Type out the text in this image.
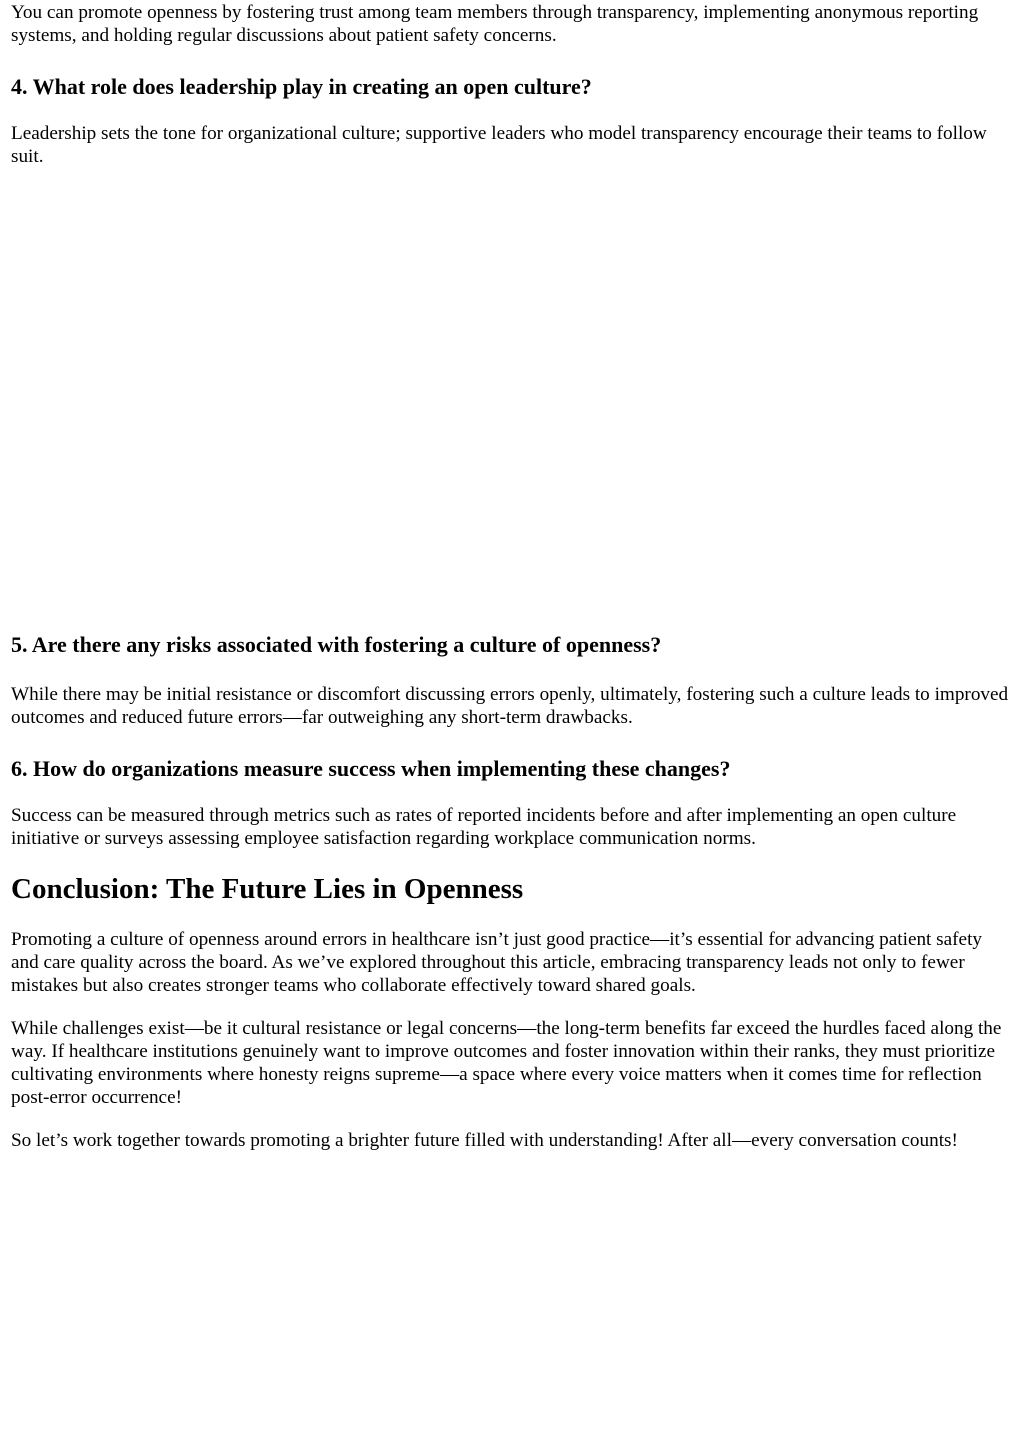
You can promote openness by fostering trust among team members through transparency, implementing anonymous reporting systems, and holding regular discussions about patient safety concerns.

4. What role does leadership play in creating an open culture?

Leadership sets the tone for organizational culture; supportive leaders who model transparency encourage their teams to follow suit.

5. Are there any risks associated with fostering a culture of openness?

While there may be initial resistance or discomfort discussing errors openly, ultimately, fostering such a culture leads to improved outcomes and reduced future errors—far outweighing any short-term drawbacks.

6. How do organizations measure success when implementing these changes?

Success can be measured through metrics such as rates of reported incidents before and after implementing an open culture initiative or surveys assessing employee satisfaction regarding workplace communication norms.

Conclusion: The Future Lies in Openness

Promoting a culture of openness around errors in healthcare isn’t just good practice—it’s essential for advancing patient safety and care quality across the board. As we’ve explored throughout this article, embracing transparency leads not only to fewer mistakes but also creates stronger teams who collaborate effectively toward shared goals.

While challenges exist—be it cultural resistance or legal concerns—the long-term benefits far exceed the hurdles faced along the way. If healthcare institutions genuinely want to improve outcomes and foster innovation within their ranks, they must prioritize cultivating environments where honesty reigns supreme—a space where every voice matters when it comes time for reflection post-error occurrence!

So let’s work together towards promoting a brighter future filled with understanding! After all—every conversation counts!
